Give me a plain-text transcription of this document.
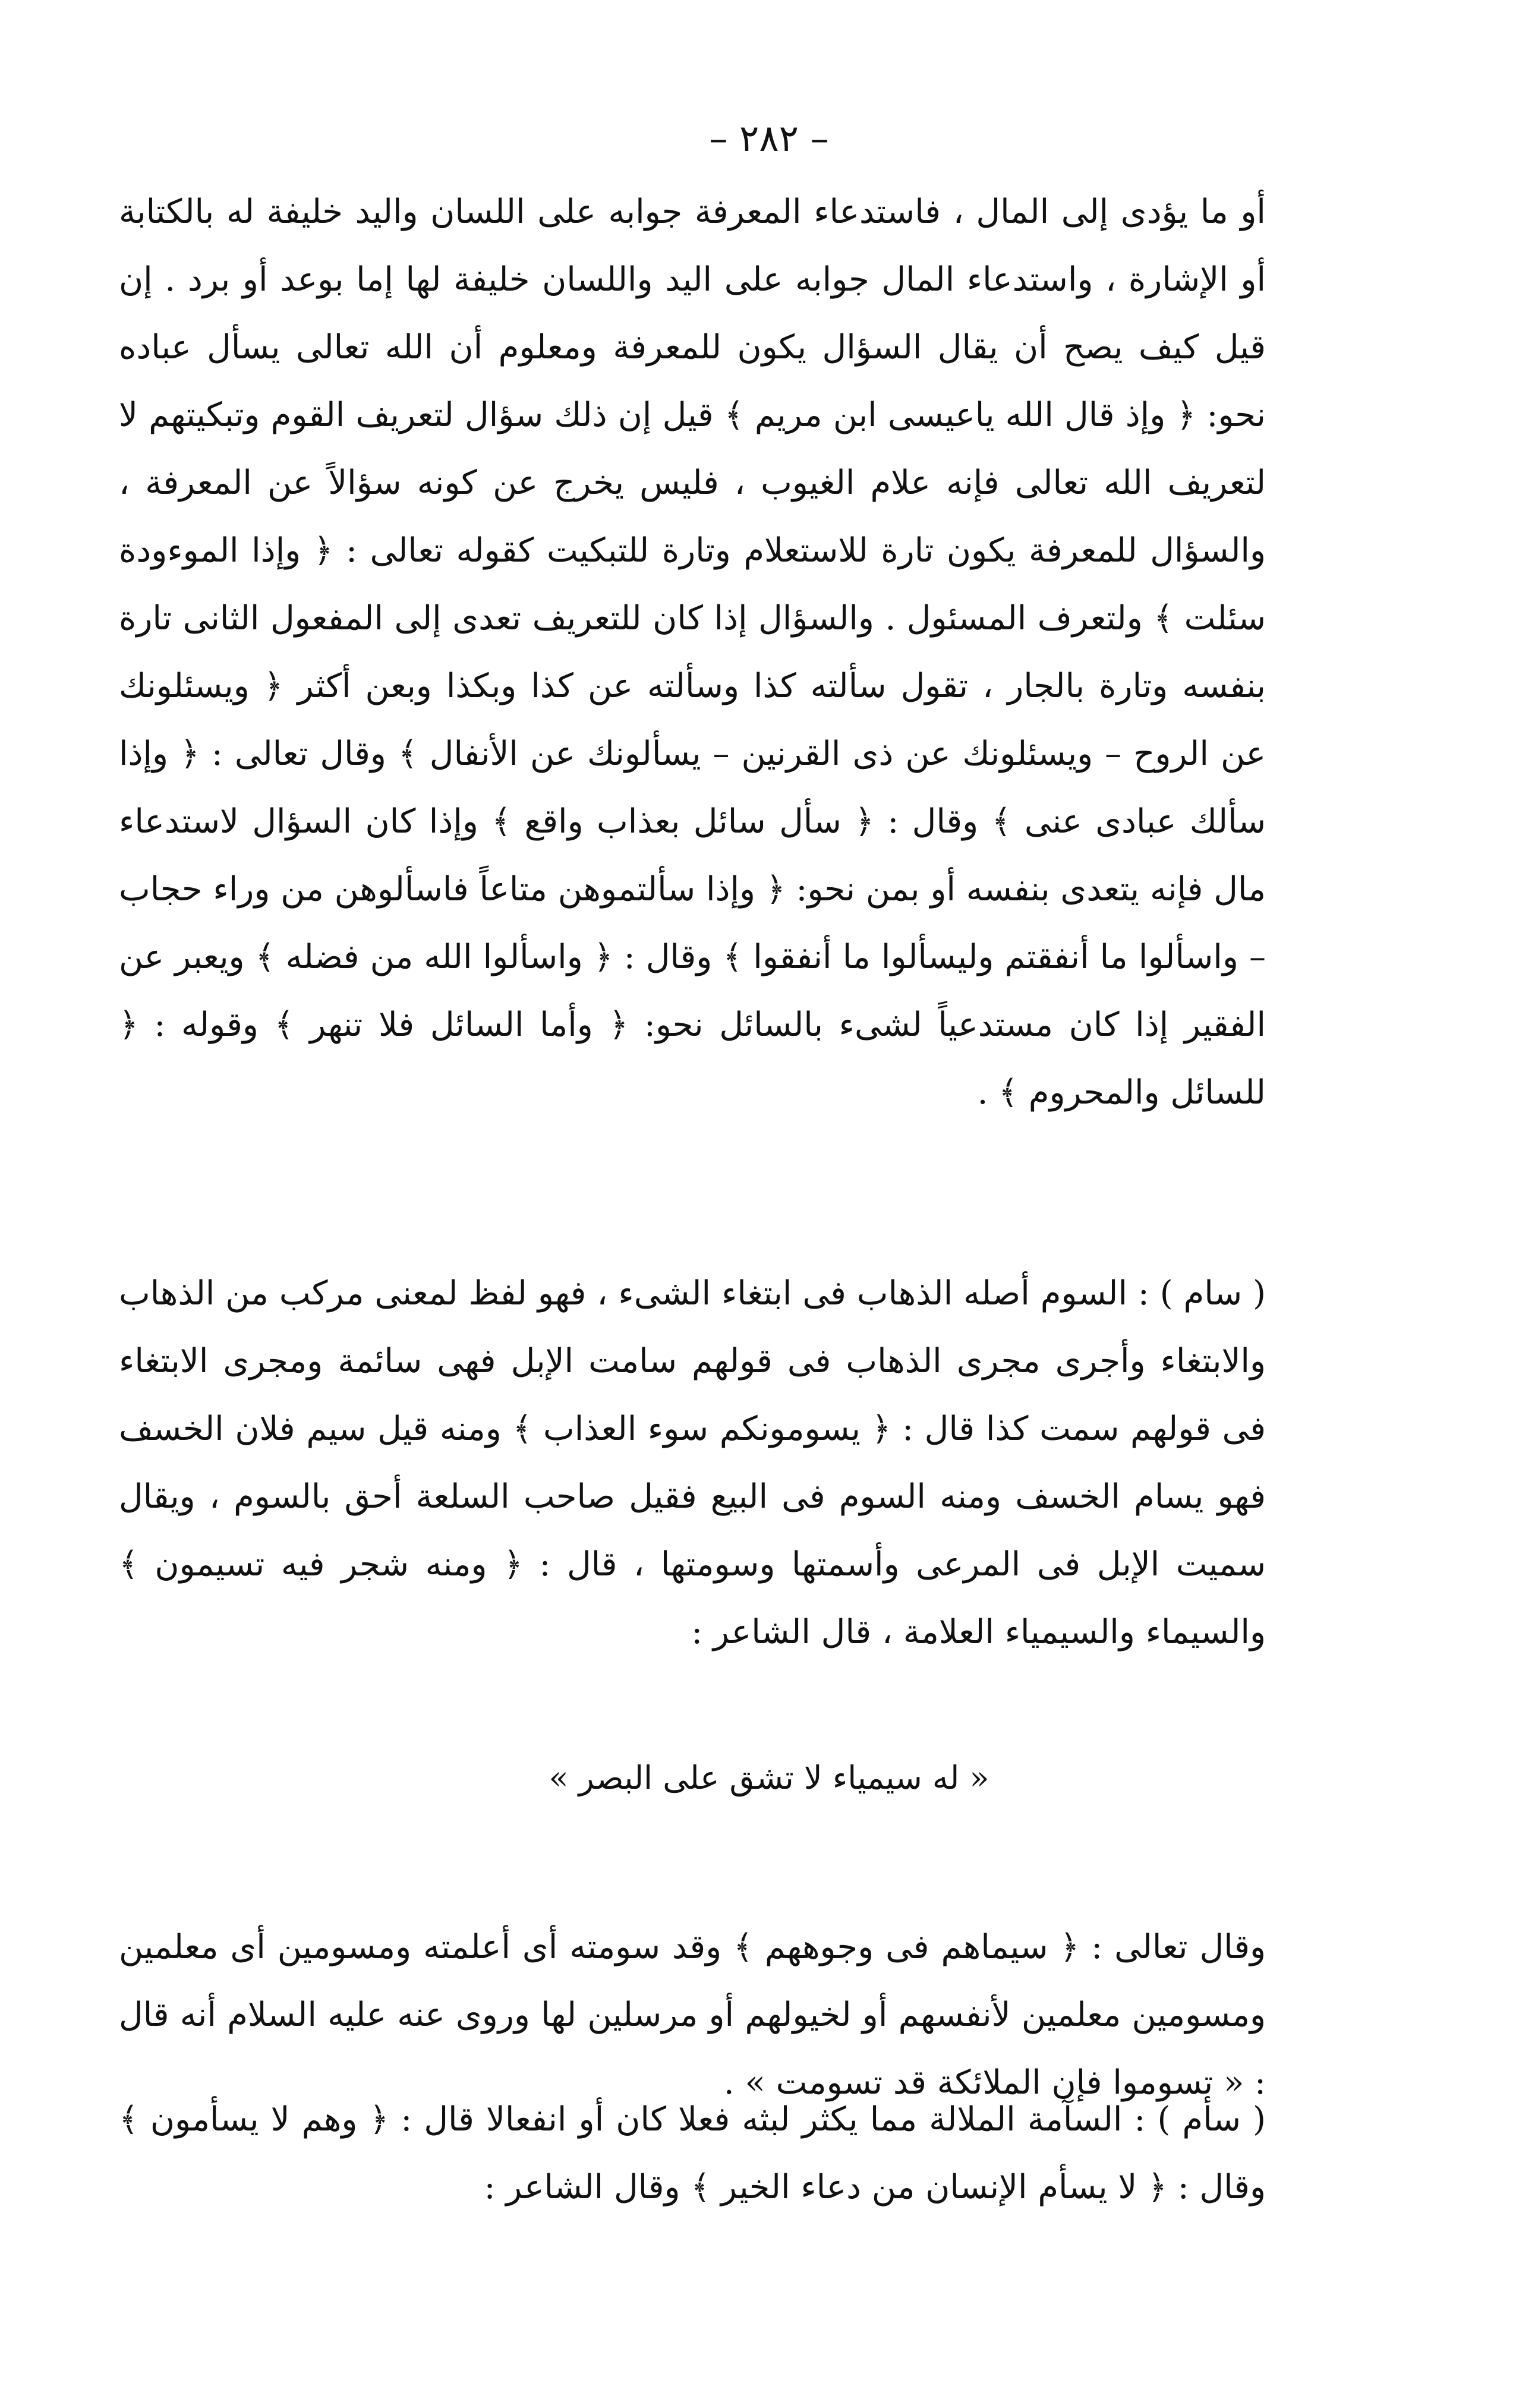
– ٢٨٢ –

أو ما يؤدى إلى المال ، فاستدعاء المعرفة جوابه على اللسان واليد خليفة له بالكتابة أو الإشارة ، واستدعاء المال جوابه على اليد واللسان خليفة لها إما بوعد أو برد . إن قيل كيف يصح أن يقال السؤال يكون للمعرفة ومعلوم أن الله تعالى يسأل عباده نحو: ﴿ وإذ قال الله ياعيسى ابن مريم ﴾ قيل إن ذلك سؤال لتعريف القوم وتبكيتهم لا لتعريف الله تعالى فإنه علام الغيوب ، فليس يخرج عن كونه سؤالاً عن المعرفة ، والسؤال للمعرفة يكون تارة للاستعلام وتارة للتبكيت كقوله تعالى : ﴿ وإذا الموءودة سئلت ﴾ ولتعرف المسئول . والسؤال إذا كان للتعريف تعدى إلى المفعول الثانى تارة بنفسه وتارة بالجار ، تقول سألته كذا وسألته عن كذا وبكذا وبعن أكثر ﴿ ويسئلونك عن الروح – ويسئلونك عن ذى القرنين – يسألونك عن الأنفال ﴾ وقال تعالى : ﴿ وإذا سألك عبادى عنى ﴾ وقال : ﴿ سأل سائل بعذاب واقع ﴾ وإذا كان السؤال لاستدعاء مال فإنه يتعدى بنفسه أو بمن نحو: ﴿ وإذا سألتموهن متاعاً فاسألوهن من وراء حجاب – واسألوا ما أنفقتم وليسألوا ما أنفقوا ﴾ وقال : ﴿ واسألوا الله من فضله ﴾ ويعبر عن الفقير إذا كان مستدعياً لشىء بالسائل نحو: ﴿ وأما السائل فلا تنهر ﴾ وقوله : ﴿ للسائل والمحروم ﴾ .

( سام ) : السوم أصله الذهاب فى ابتغاء الشىء ، فهو لفظ لمعنى مركب من الذهاب والابتغاء وأجرى مجرى الذهاب فى قولهم سامت الإبل فهى سائمة ومجرى الابتغاء فى قولهم سمت كذا قال : ﴿ يسومونكم سوء العذاب ﴾ ومنه قيل سيم فلان الخسف فهو يسام الخسف ومنه السوم فى البيع فقيل صاحب السلعة أحق بالسوم ، ويقال سميت الإبل فى المرعى وأسمتها وسومتها ، قال : ﴿ ومنه شجر فيه تسيمون ﴾ والسيماء والسيمياء العلامة ، قال الشاعر :

« له سيمياء لا تشق على البصر »

وقال تعالى : ﴿ سيماهم فى وجوههم ﴾ وقد سومته أى أعلمته ومسومين أى معلمين ومسومين معلمين لأنفسهم أو لخيولهم أو مرسلين لها وروى عنه عليه السلام أنه قال : « تسوموا فإن الملائكة قد تسومت » .

( سأم ) : السآمة الملالة مما يكثر لبثه فعلا كان أو انفعالا قال : ﴿ وهم لا يسأمون ﴾ وقال : ﴿ لا يسأم الإنسان من دعاء الخير ﴾ وقال الشاعر :
